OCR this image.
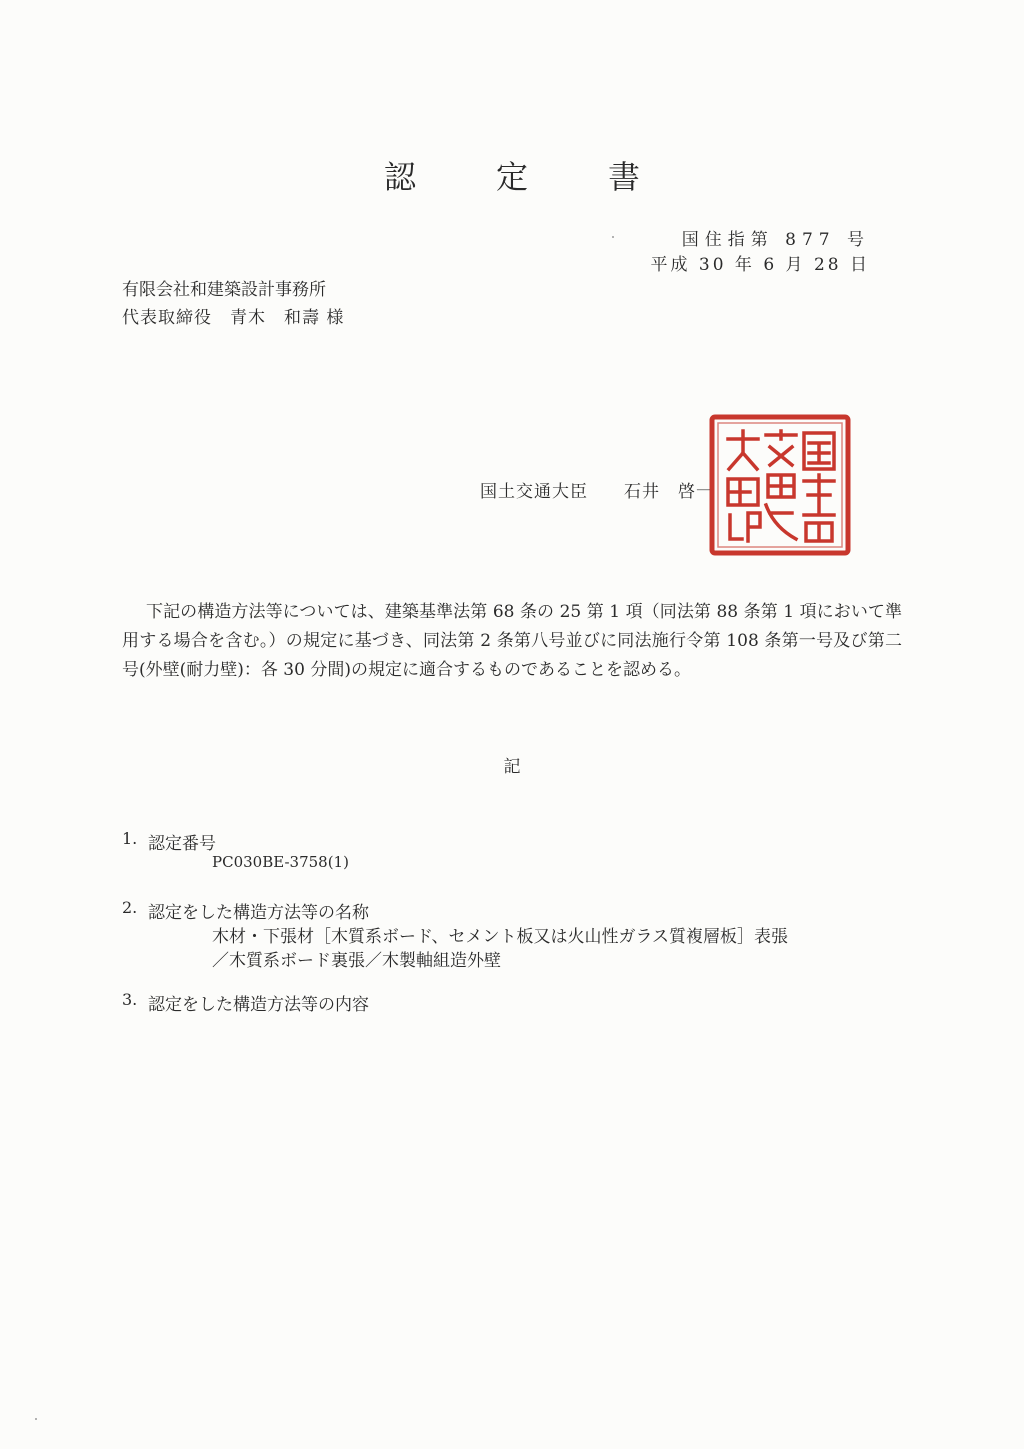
認　定　書
国住指第 877 号
平成 30 年 6 月 28 日
有限会社和建築設計事務所
代表取締役　青木　和壽 様
国土交通大臣　　石井　啓一
下記の構造方法等については、建築基準法第 68 条の 25 第 1 項（同法第 88 条第 1 項において準用する場合を含む。）の規定に基づき、同法第 2 条第八号並びに同法施行令第 108 条第一号及び第二号(外壁(耐力壁)：各 30 分間)の規定に適合するものであることを認める。
記
1. 認定番号
PC030BE-3758(1)
2. 認定をした構造方法等の名称
木材・下張材［木質系ボード、セメント板又は火山性ガラス質複層板］表張
／木質系ボード裏張／木製軸組造外壁
3. 認定をした構造方法等の内容
